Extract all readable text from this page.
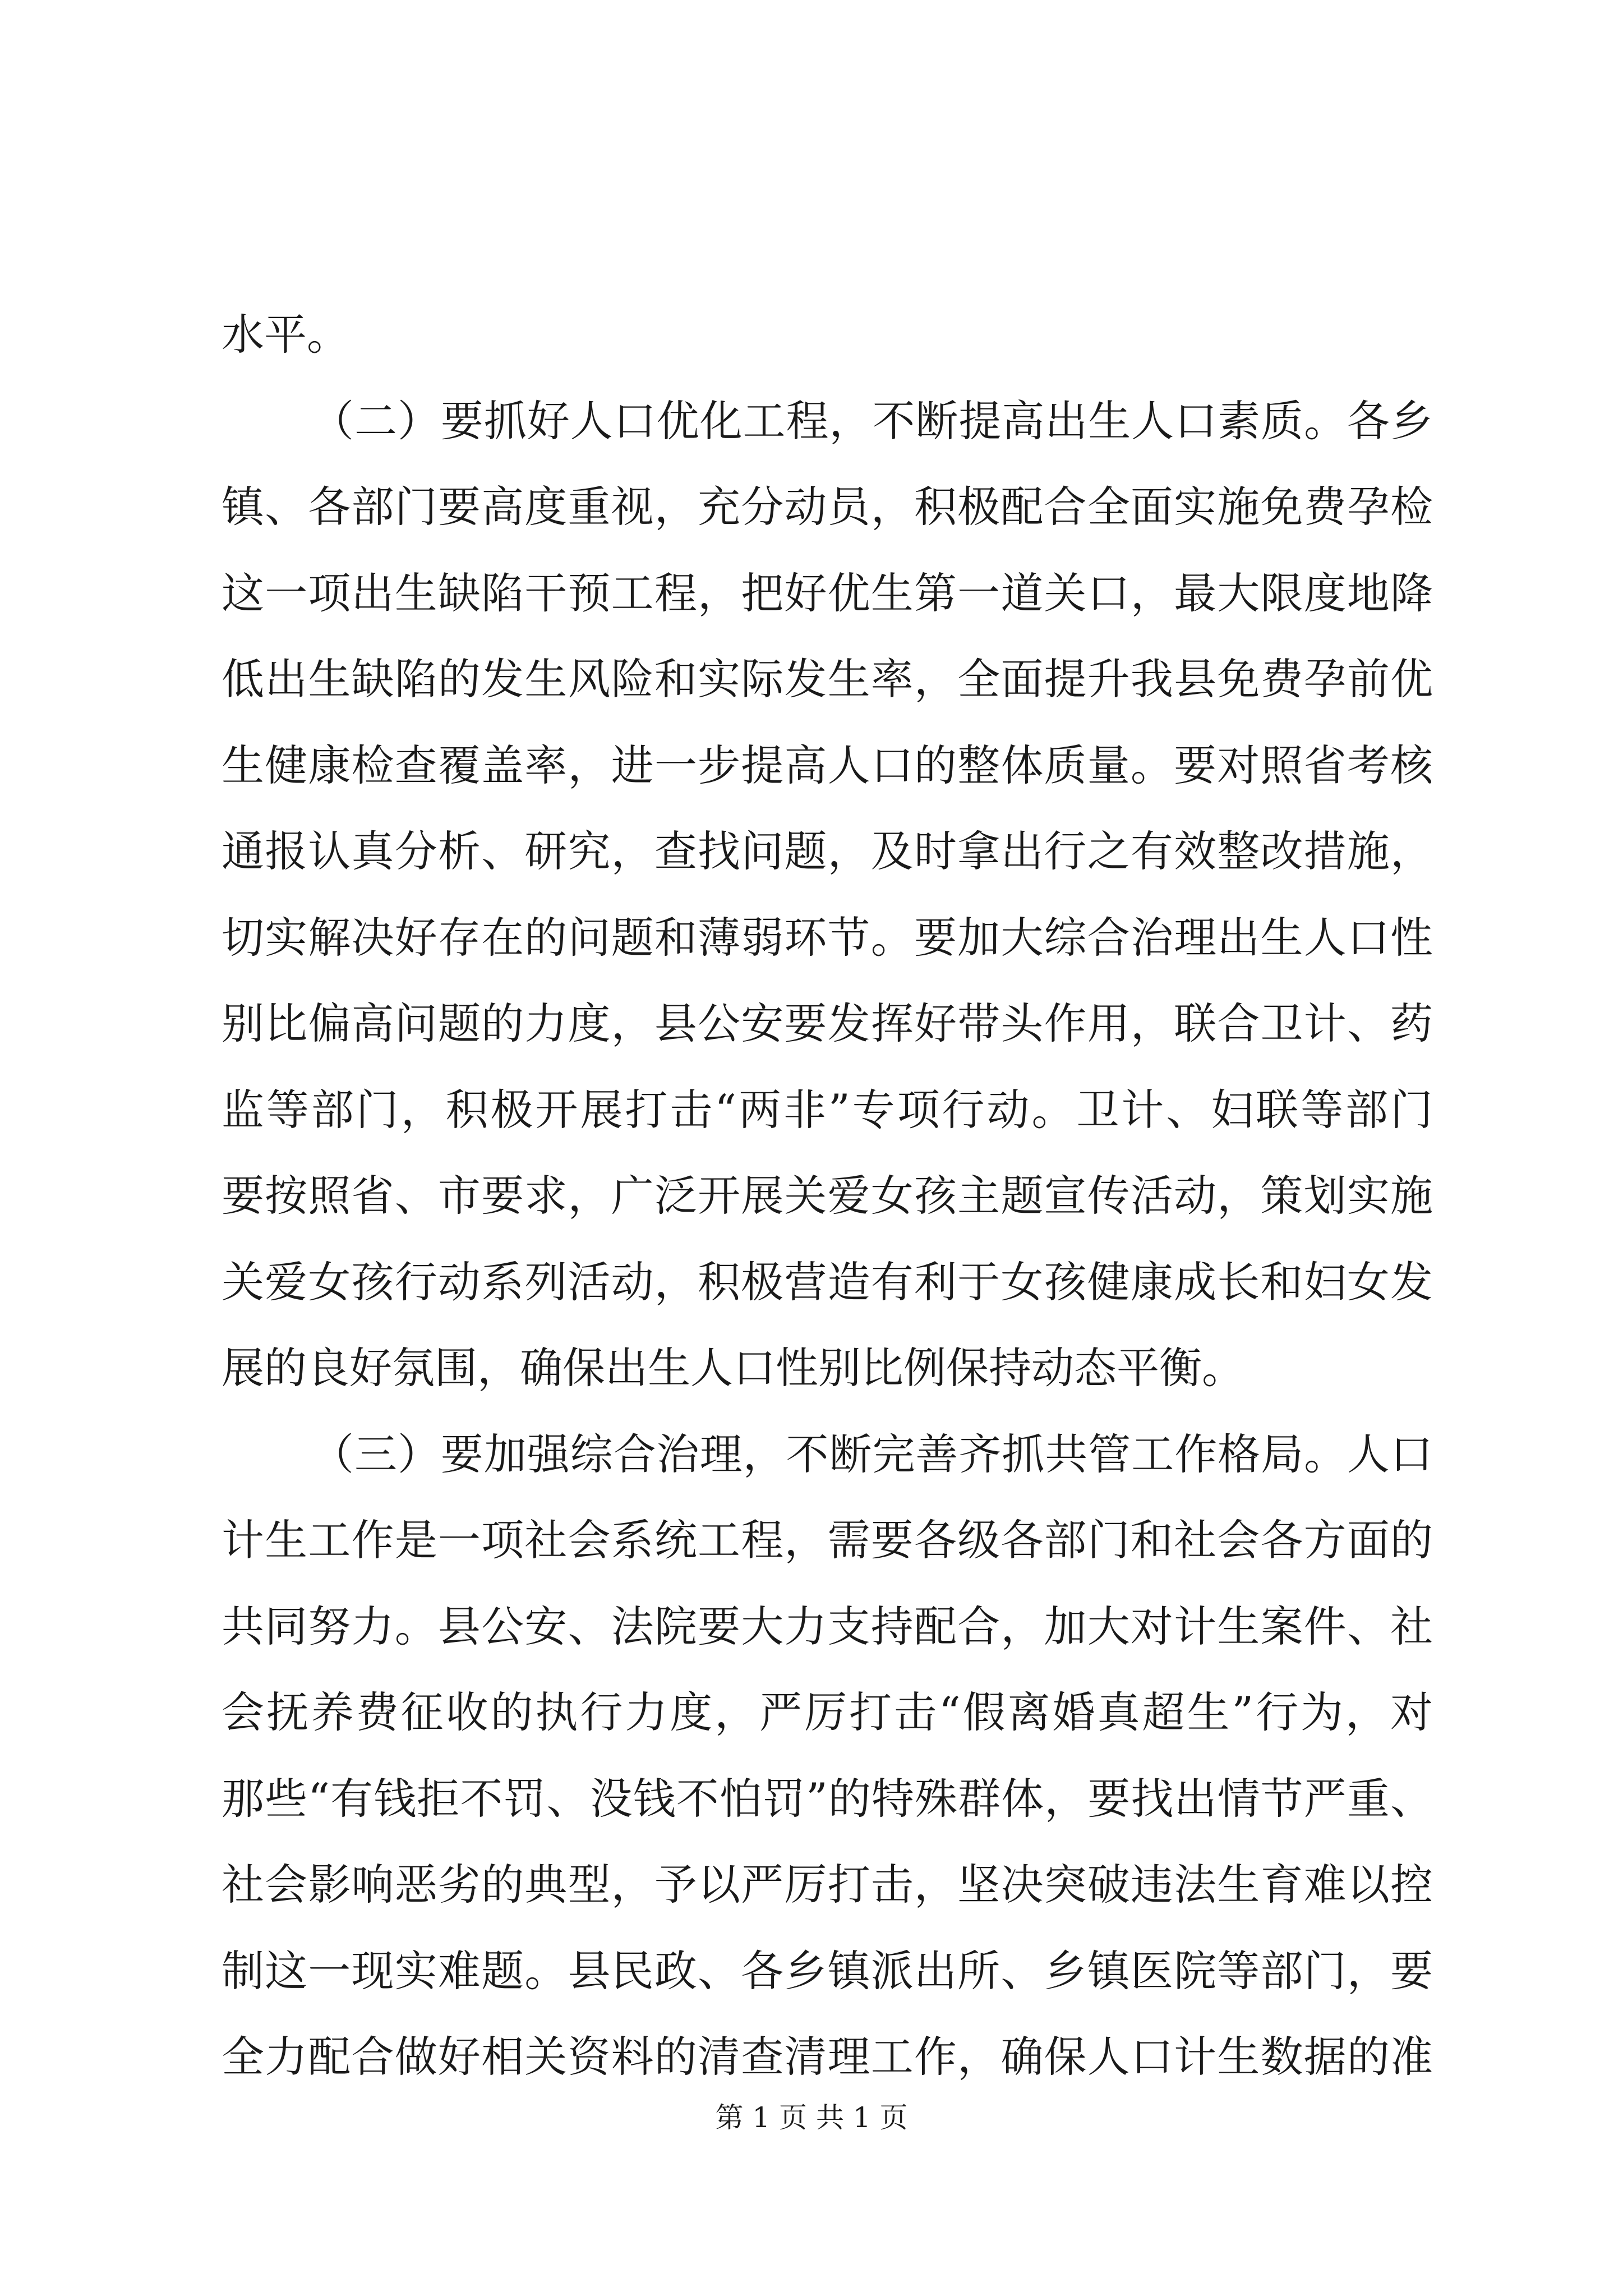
水平。
（二）要抓好人口优化工程，不断提高出生人口素质。各乡
镇、各部门要高度重视，充分动员，积极配合全面实施免费孕检
这一项出生缺陷干预工程，把好优生第一道关口，最大限度地降
低出生缺陷的发生风险和实际发生率，全面提升我县免费孕前优
生健康检查覆盖率，进一步提高人口的整体质量。要对照省考核
通报认真分析、研究，查找问题，及时拿出行之有效整改措施，
切实解决好存在的问题和薄弱环节。要加大综合治理出生人口性
别比偏高问题的力度，县公安要发挥好带头作用，联合卫计、药
监等部门，积极开展打击“两非”专项行动。卫计、妇联等部门
要按照省、市要求，广泛开展关爱女孩主题宣传活动，策划实施
关爱女孩行动系列活动，积极营造有利于女孩健康成长和妇女发
展的良好氛围，确保出生人口性别比例保持动态平衡。
（三）要加强综合治理，不断完善齐抓共管工作格局。人口
计生工作是一项社会系统工程，需要各级各部门和社会各方面的
共同努力。县公安、法院要大力支持配合，加大对计生案件、社
会抚养费征收的执行力度，严厉打击“假离婚真超生”行为，对
那些“有钱拒不罚、没钱不怕罚”的特殊群体，要找出情节严重、
社会影响恶劣的典型，予以严厉打击，坚决突破违法生育难以控
制这一现实难题。县民政、各乡镇派出所、乡镇医院等部门，要
全力配合做好相关资料的清查清理工作，确保人口计生数据的准
第 1 页 共 1 页
